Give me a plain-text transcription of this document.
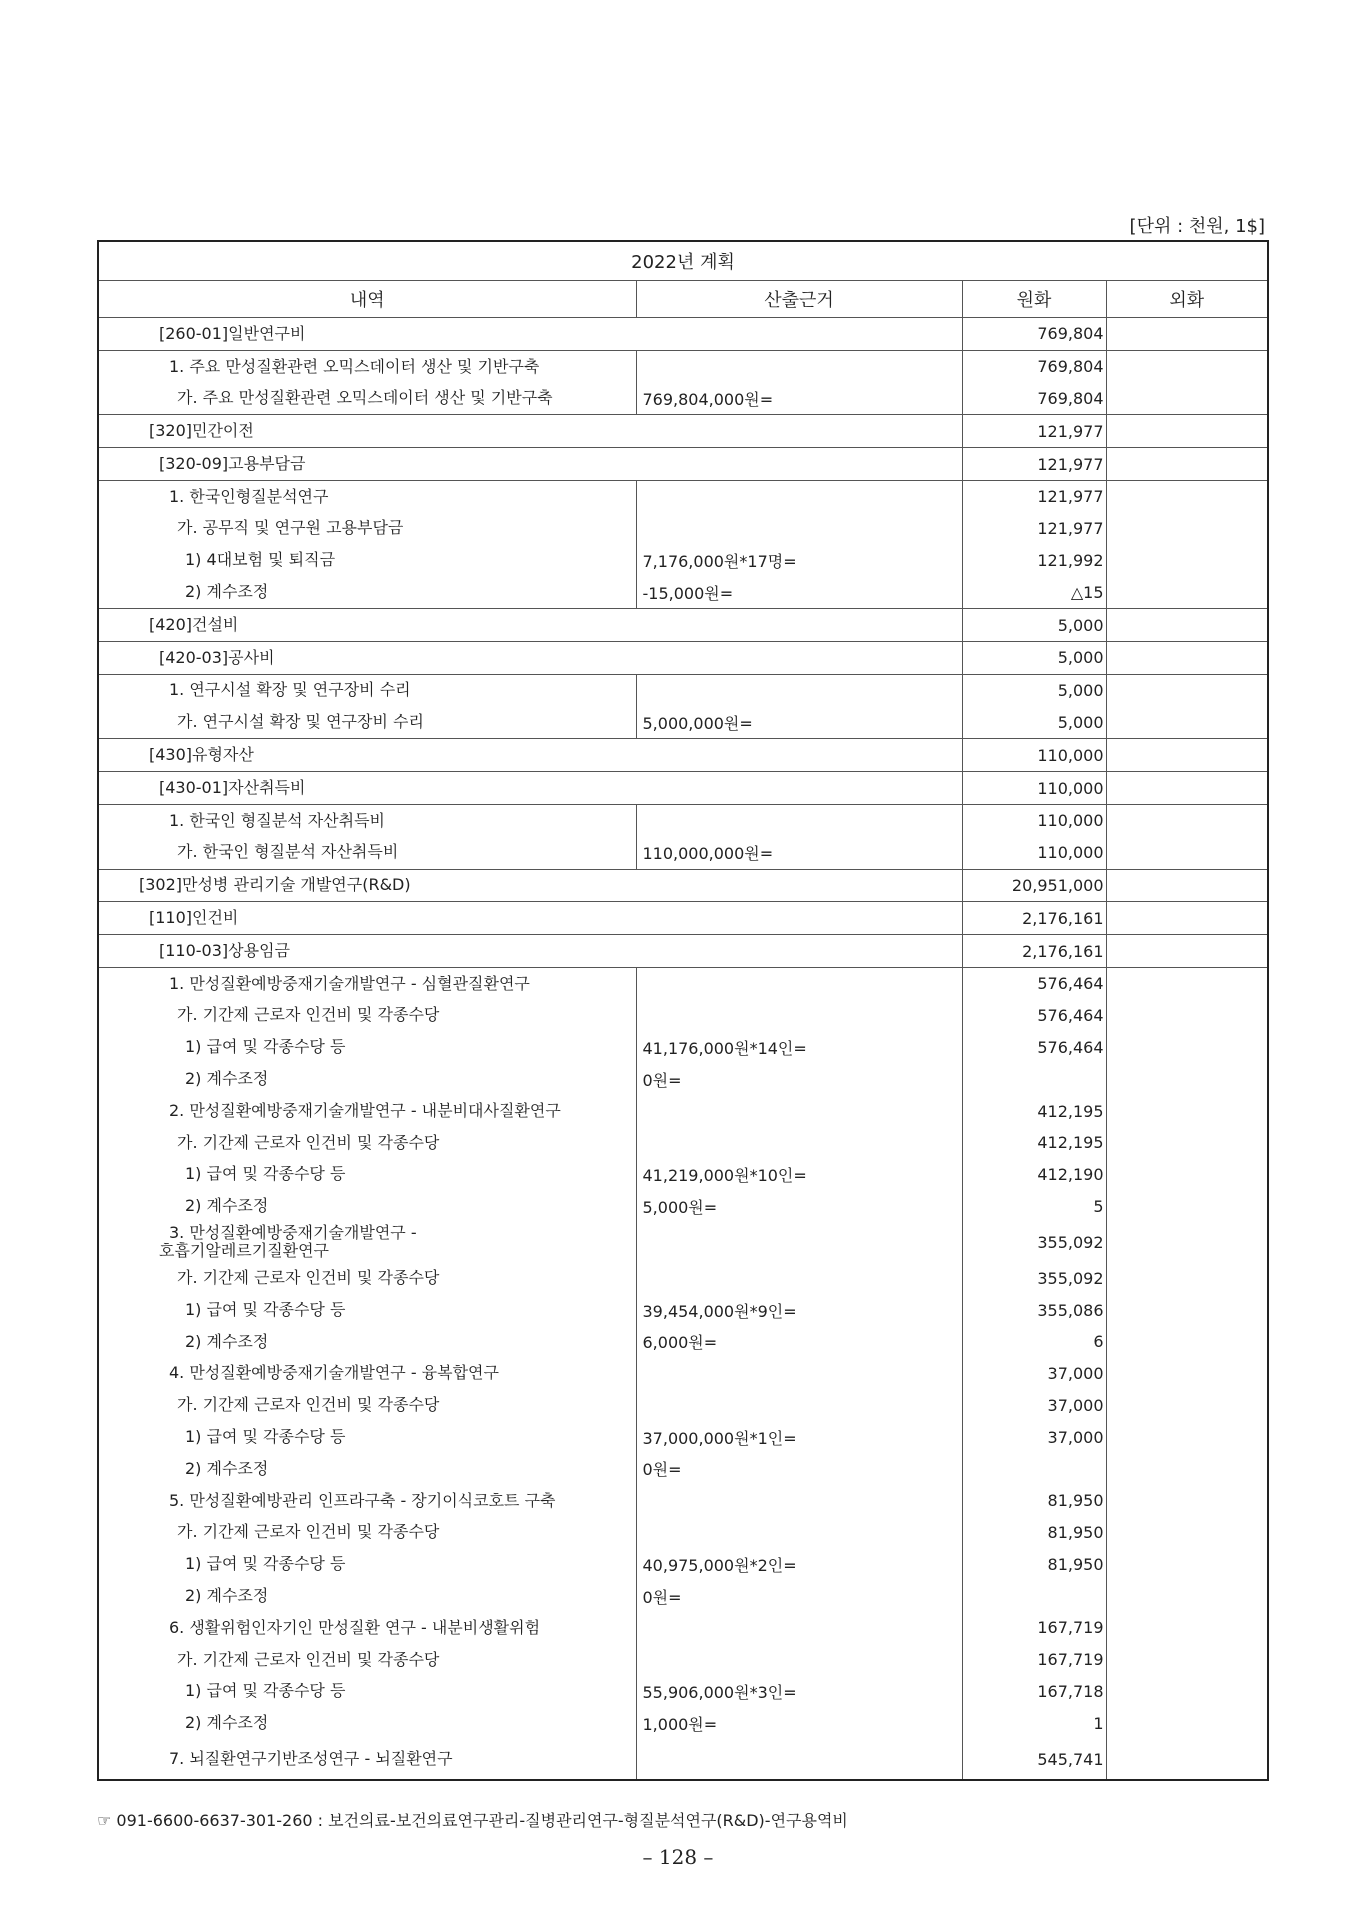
[단위 : 천원, 1$]
2022년 계획			
내역	산출근거	원화	외화

[260-01]일반연구비		769,804	

1. 주요 만성질환관련 오믹스데이터 생산 및 기반구축		769,804	

가. 주요 만성질환관련 오믹스데이터 생산 및 기반구축	769,804,000원=	769,804	

[320]민간이전		121,977	

[320-09]고용부담금		121,977	

1. 한국인형질분석연구		121,977	

가. 공무직 및 연구원 고용부담금		121,977	

1) 4대보험 및 퇴직금	7,176,000원*17명=	121,992	

2) 계수조정	-15,000원=	△15	

[420]건설비		5,000	

[420-03]공사비		5,000	

1. 연구시설 확장 및 연구장비 수리		5,000	

가. 연구시설 확장 및 연구장비 수리	5,000,000원=	5,000	

[430]유형자산		110,000	

[430-01]자산취득비		110,000	

1. 한국인 형질분석 자산취득비		110,000	

가. 한국인 형질분석 자산취득비	110,000,000원=	110,000	

[302]만성병 관리기술 개발연구(R&D)		20,951,000	

[110]인건비		2,176,161	

[110-03]상용임금		2,176,161	

1. 만성질환예방중재기술개발연구 - 심혈관질환연구		576,464	

가. 기간제 근로자 인건비 및 각종수당		576,464	

1) 급여 및 각종수당 등	41,176,000원*14인=	576,464	

2) 계수조정	0원=		

2. 만성질환예방중재기술개발연구 - 내분비대사질환연구		412,195	

가. 기간제 근로자 인건비 및 각종수당		412,195	

1) 급여 및 각종수당 등	41,219,000원*10인=	412,190	

2) 계수조정	5,000원=	5	

3. 만성질환예방중재기술개발연구 -
호흡기알레르기질환연구		355,092	

가. 기간제 근로자 인건비 및 각종수당		355,092	

1) 급여 및 각종수당 등	39,454,000원*9인=	355,086	

2) 계수조정	6,000원=	6	

4. 만성질환예방중재기술개발연구 - 융복합연구		37,000	

가. 기간제 근로자 인건비 및 각종수당		37,000	

1) 급여 및 각종수당 등	37,000,000원*1인=	37,000	

2) 계수조정	0원=		

5. 만성질환예방관리 인프라구축 - 장기이식코호트 구축		81,950	

가. 기간제 근로자 인건비 및 각종수당		81,950	

1) 급여 및 각종수당 등	40,975,000원*2인=	81,950	

2) 계수조정	0원=		

6. 생활위험인자기인 만성질환 연구 - 내분비생활위험		167,719	

가. 기간제 근로자 인건비 및 각종수당		167,719	

1) 급여 및 각종수당 등	55,906,000원*3인=	167,718	

2) 계수조정	1,000원=	1	

7. 뇌질환연구기반조성연구 - 뇌질환연구		545,741	
☞ 091-6600-6637-301-260 : 보건의료-보건의료연구관리-질병관리연구-형질분석연구(R&D)-연구용역비
– 128 –
